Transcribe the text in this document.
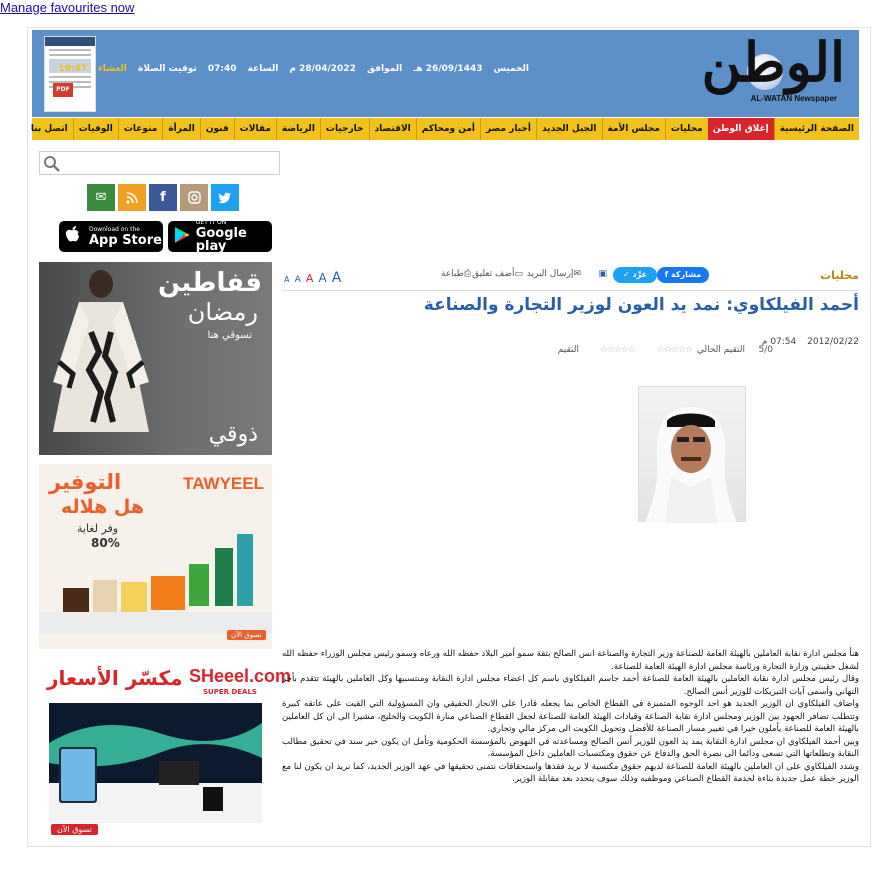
Manage favourites now
PDF
الخميس 26/09/1443 هـ الموافق 28/04/2022 م الساعة 07:40 توقيت الصلاة العشاء 19:47	الوطن
AL-WATAN Newspaper
الصفحة الرئيسية
إغلاق الوطن
محليات
مجلس الأمة
الجيل الجديد
أخبار مصر
أمن ومحاكم
الاقتصاد
خارجيات
الرياضة
مقالات
فنون
المرأة
منوعات
الوفيات
اتصل بنا
✉	f
Download on the
App Store
GET IT ON
Google play
قفاطين
رمضان
تسوقي هنا
ذوقي
TAWYEEL
التوفير
هل هلاله
وفر لغاية
80%
تسوق الآن
مكسّر الأسعار SHeeel.com
SUPER DEALS
تسوق الآن
محليات
مشاركة f
غرِّد ✓
▣
✉إرسال البريد
▭أضف تعليق
⎙طباعة
A A A A A
أحمد الفيلكاوي: نمد يد العون لوزير التجارة والصناعة
2012/02/22 07:54 م
التقيم ☆☆☆☆☆ ☆☆☆☆☆ التقيم الحالي 5/0

هنأ مجلس ادارة نقابة العاملين بالهيئة العامة للصناعة وزير التجارة والصناعة انس الصالح بثقة سمو أمير البلاد حفظه الله ورعاه وسمو رئيس مجلس الوزراء حفظه الله لشغل حقيبتي وزارة التجارة ورئاسة مجلس ادارة الهيئة العامة للصناعة.

وقال رئيس مجلس ادارة نقابة العاملين بالهيئة العامة للصناعة أحمد جاسم الفيلكاوي باسم كل اعضاء مجلس ادارة النقابة ومنتسبيها وكل العاملين بالهيئة تتقدم بأحر التهاني وأسمى آيات التبريكات للوزير أنس الصالح.

واضاف الفيلكاوي ان الوزير الجديد هو احد الوجوه المتميزة في القطاع الخاص بما يجعله قادرا على الانجاز الحقيقي وان المسؤولية التي القيت على عاتقه كبيرة وتتطلب تضافر الجهود بين الوزير ومجلس ادارة نقابة الصناعة وقيادات الهيئة العامة للصناعة لجعل القطاع الصناعي منارة الكويت والخليج، مشيرا الى ان كل العاملين بالهيئة العامة للصناعة يأملون خيرا في تغيير مسار الصناعة للأفضل وتحويل الكويت الى مركز مالي وتجاري.

وبين أحمد الفيلكاوي ان مجلس ادارة النقابة يمد يد العون للوزير أنس الصالح ومساعدته في النهوض بالمؤسسة الحكومية وتأمل ان يكون خير سند في تحقيق مطالب النقابة وتطلعاتها التي تسعى ودائما الى نصرة الحق والدفاع عن حقوق ومكتسبات العاملين داخل المؤسسة.

وشدد الفيلكاوي على ان العاملين بالهيئة العامة للصناعة لديهم حقوق مكتسبة لا نريد فقدها واستحقاقات نتمنى تحقيقها في عهد الوزير الجديد، كما نريد ان يكون لنا مع الوزير خطة عمل جديدة بناءة لخدمة القطاع الصناعي وموظفيه وذلك سوف يتحدد بعد مقابلة الوزير.
